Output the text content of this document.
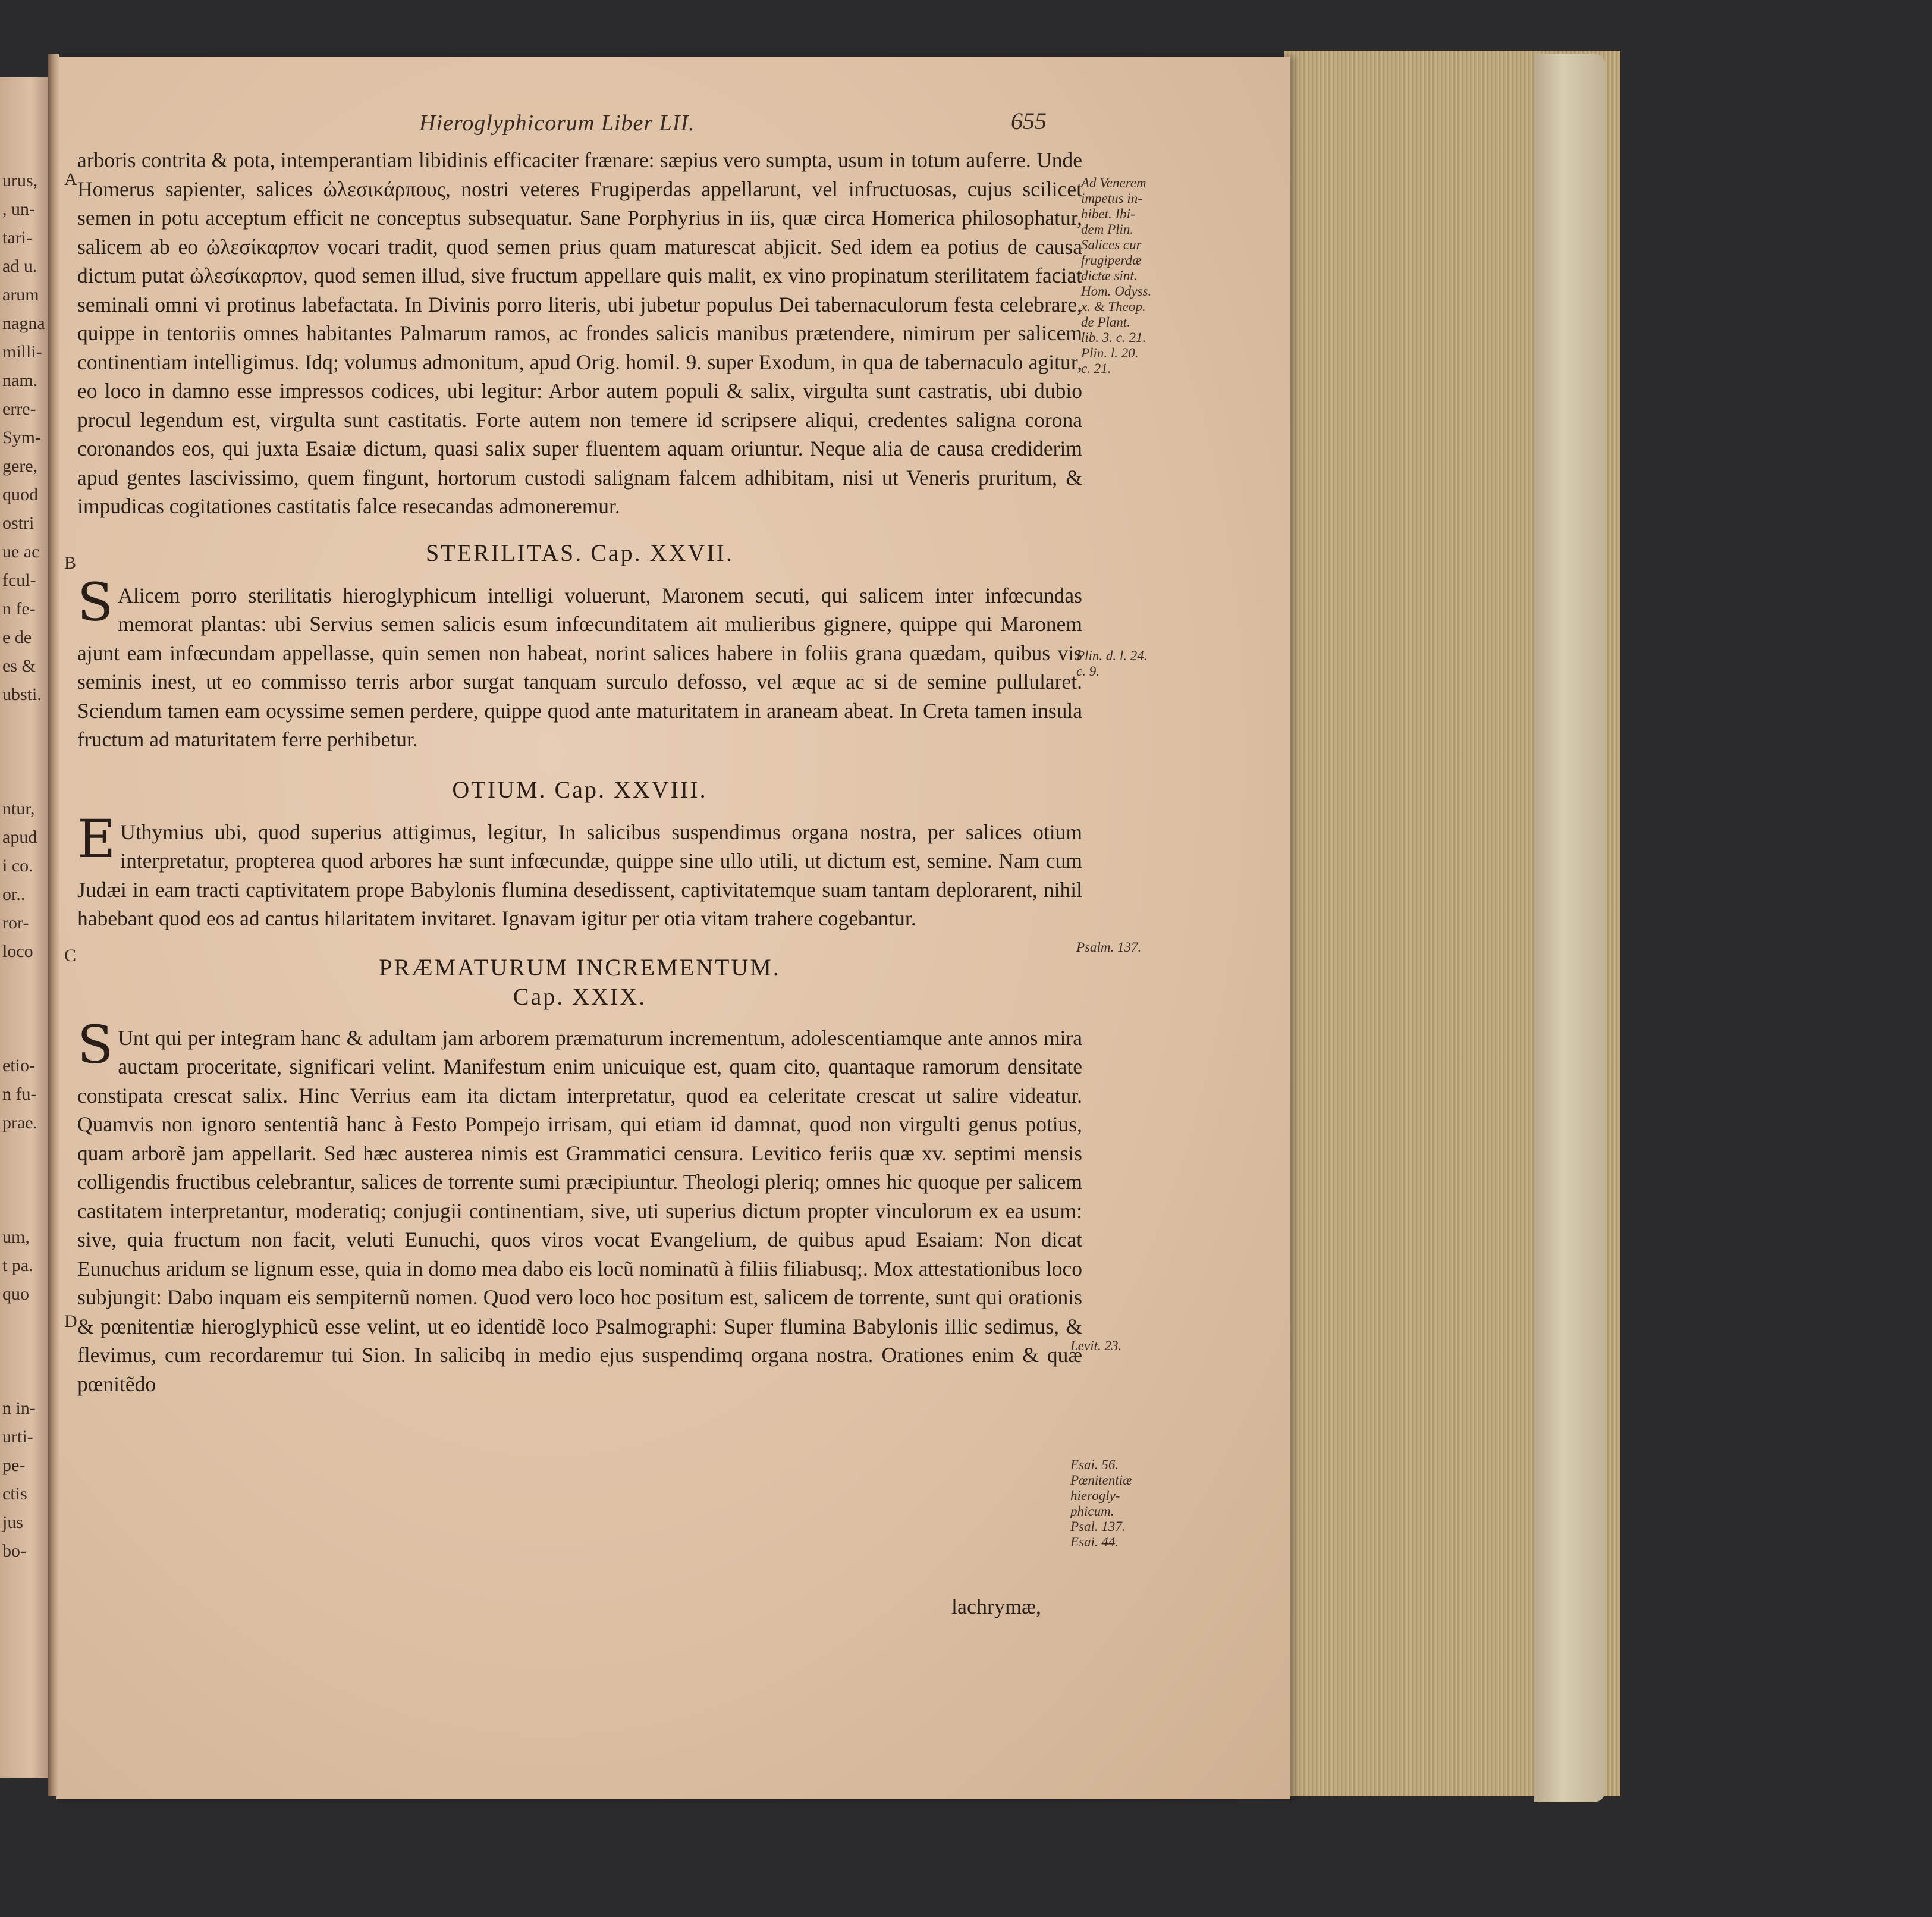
urus,
, un-
tari-
ad u.
arum
nagna
milli-
nam.
erre-
Sym-
gere,
quod
ostri
ue ac
fcul-
n fe-
e de
es &
ubsti.

ntur,
apud
i co.
or..
ror-
loco

etio-
n fu-
prae.

um,
t pa.
quo

n in-
urti-
pe-
ctis
jus
bo-
Hieroglyphicorum Liber LII.	655
A
B
C
D

arboris contrita & pota, intemperantiam libidinis efficaciter frænare: sæpius vero sumpta, usum in totum auferre. Unde Homerus sapienter, salices ὠλεσικάρπους, nostri veteres Frugiperdas appellarunt, vel infructuosas, cujus scilicet semen in potu acceptum efficit ne conceptus subsequatur. Sane Porphyrius in iis, quæ circa Homerica philosophatur, salicem ab eo ὠλεσίκαρπον vocari tradit, quod semen prius quam maturescat abjicit. Sed idem ea potius de causa dictum putat ὠλεσίκαρπον, quod semen illud, sive fructum appellare quis malit, ex vino propinatum sterilitatem faciat seminali omni vi protinus labefactata. In Divinis porro literis, ubi jubetur populus Dei tabernaculorum festa celebrare, quippe in tentoriis omnes habitantes Palmarum ramos, ac frondes salicis manibus prætendere, nimirum per salicem continentiam intelligimus. Idq; volumus admonitum, apud Orig. homil. 9. super Exodum, in qua de tabernaculo agitur, eo loco in damno esse impressos codices, ubi legitur: Arbor autem populi & salix, virgulta sunt castratis, ubi dubio procul legendum est, virgulta sunt castitatis. Forte autem non temere id scripsere aliqui, credentes saligna corona coronandos eos, qui juxta Esaiæ dictum, quasi salix super fluentem aquam oriuntur. Neque alia de causa crediderim apud gentes lascivissimo, quem fingunt, hortorum custodi salignam falcem adhibitam, nisi ut Veneris pruritum, & impudicas cogitationes castitatis falce resecandas admoneremur.

STERILITAS. Cap. XXVII.

S Alicem porro sterilitatis hieroglyphicum intelligi voluerunt, Maronem secuti, qui salicem inter infœcundas memorat plantas: ubi Servius semen salicis esum infœcunditatem ait mulieribus gignere, quippe qui Maronem ajunt eam infœcundam appellasse, quin semen non habeat, norint salices habere in foliis grana quædam, quibus vis seminis inest, ut eo commisso terris arbor surgat tanquam surculo defosso, vel æque ac si de semine pullularet. Sciendum tamen eam ocyssime semen perdere, quippe quod ante maturitatem in araneam abeat. In Creta tamen insula fructum ad maturitatem ferre perhibetur.

OTIUM. Cap. XXVIII.

E Uthymius ubi, quod superius attigimus, legitur, In salicibus suspendimus organa nostra, per salices otium interpretatur, propterea quod arbores hæ sunt infœcundæ, quippe sine ullo utili, ut dictum est, semine. Nam cum Judæi in eam tracti captivitatem prope Babylonis flumina desedissent, captivitatemque suam tantam deplorarent, nihil habebant quod eos ad cantus hilaritatem invitaret. Ignavam igitur per otia vitam trahere cogebantur.

PRÆMATURUM INCREMENTUM.

Cap. XXIX.

S Unt qui per integram hanc & adultam jam arborem præmaturum incrementum, adolescentiamque ante annos mira auctam proceritate, significari velint. Manifestum enim unicuique est, quam cito, quantaque ramorum densitate constipata crescat salix. Hinc Verrius eam ita dictam interpretatur, quod ea celeritate crescat ut salire videatur. Quamvis non ignoro sententiã hanc à Festo Pompejo irrisam, qui etiam id damnat, quod non virgulti genus potius, quam arborẽ jam appellarit. Sed hæc austerea nimis est Grammatici censura. Levitico feriis quæ xv. septimi mensis colligendis fructibus celebrantur, salices de torrente sumi præcipiuntur. Theologi pleriq; omnes hic quoque per salicem castitatem interpretantur, moderatiq; conjugii continentiam, sive, uti superius dictum propter vinculorum ex ea usum: sive, quia fructum non facit, veluti Eunuchi, quos viros vocat Evangelium, de quibus apud Esaiam: Non dicat Eunuchus aridum se lignum esse, quia in domo mea dabo eis locũ nominatũ à filiis filiabusq;. Mox attestationibus loco subjungit: Dabo inquam eis sempiternũ nomen. Quod vero loco hoc positum est, salicem de torrente, sunt qui orationis & pœnitentiæ hieroglyphicũ esse velint, ut eo identidẽ loco Psalmographi: Super flumina Babylonis illic sedimus, & flevimus, cum recordaremur tui Sion. In salicibq in medio ejus suspendimq organa nostra. Orationes enim & quæ pœnitẽdo

lachrymæ,
Ad Venerem
impetus in-
hibet. Ibi-
dem Plin.
Salices cur
frugiperdæ
dictæ sint.
Hom. Odyss.
x. & Theop.
de Plant.
lib. 3. c. 21.
Plin. l. 20.
c. 21.
Plin. d. l. 24.
c. 9.
Psalm. 137.
Levit. 23.
Esai. 56.
Pœnitentiæ
hierogly-
phicum.
Psal. 137.
Esai. 44.
